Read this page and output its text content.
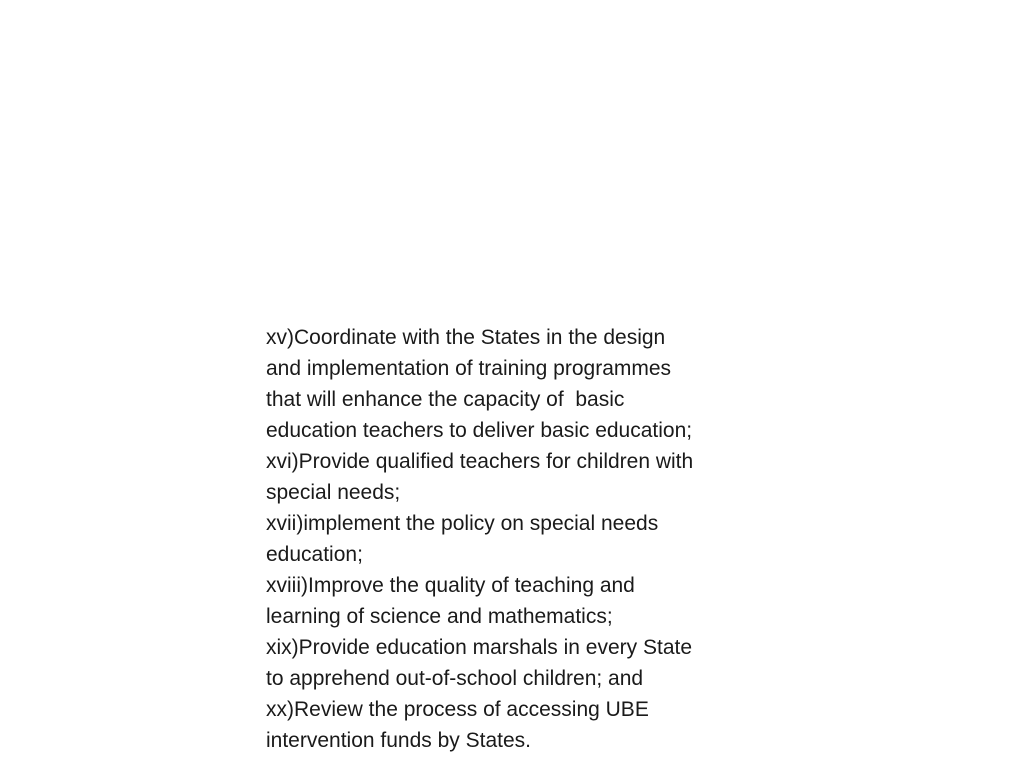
xv)Coordinate with the States in the design
and implementation of training programmes
that will enhance the capacity of  basic
education teachers to deliver basic education;

xvi)Provide qualified teachers for children with
special needs;

xvii)implement the policy on special needs
education;

xviii)Improve the quality of teaching and
learning of science and mathematics;

xix)Provide education marshals in every State
to apprehend out-of-school children; and

xx)Review the process of accessing UBE
intervention funds by States.
